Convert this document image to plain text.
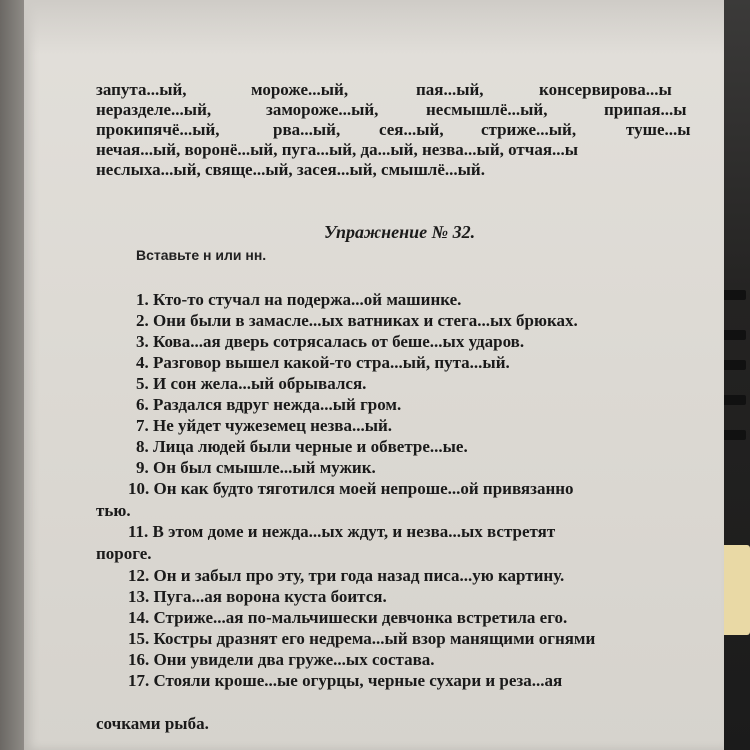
запута...ый,	мороже...ый,	пая...ый,	консервирова...ы
неразделе...ый,	замороже...ый,	несмышлё...ый,	припая...ы
прокипячё...ый,	рва...ый, сея...ый, стриже...ый,	туше...ы
нечая...ый, воронё...ый, пуга...ый, да...ый, незва...ый, отчая...ы
неслыха...ый, свяще...ый, засея...ый, смышлё...ый.
Упражнение № 32.
Вставьте н или нн.
1. Кто-то стучал на подержа...ой машинке.
2. Они были в замасле...ых ватниках и стега...ых брюках.
3. Кова...ая дверь сотрясалась от беше...ых ударов.
4. Разговор вышел какой-то стра...ый, пута...ый.
5. И сон жела...ый обрывался.
6. Раздался вдруг нежда...ый гром.
7. Не уйдет чужеземец незва...ый.
8. Лица людей были черные и обветре...ые.
9. Он был смышле...ый мужик.
10. Он как будто тяготился моей непроше...ой привязанно
11. В этом доме и нежда...ых ждут, и незва...ых встретят
12. Он и забыл про эту, три года назад писа...ую картину.
13. Пуга...ая ворона куста боится.
14. Стриже...ая по-мальчишески девчонка встретила его.
15. Костры дразнят его недрема...ый взор манящими огнями
16. Они увидели два груже...ых состава.
17. Стояли кроше...ые огурцы, черные сухари и реза...ая
тью.
пороге.
сочками рыба.
